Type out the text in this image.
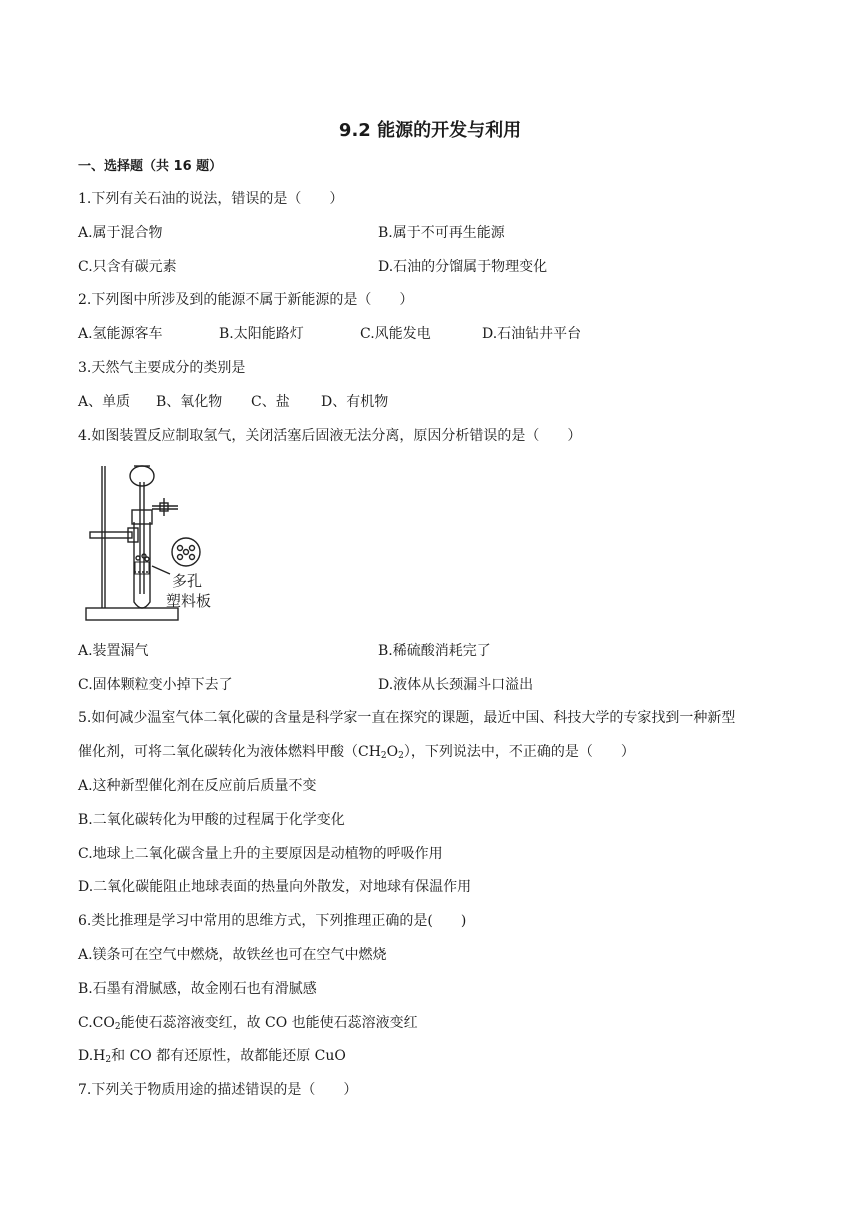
9.2 能源的开发与利用
一、选择题（共 16 题）
1.下列有关石油的说法，错误的是（　　）
A.属于混合物	B.属于不可再生能源
C.只含有碳元素	D.石油的分馏属于物理变化
2.下列图中所涉及到的能源不属于新能源的是（　　）
A.氢能源客车	B.太阳能路灯	C.风能发电	D.石油钻井平台
3.天然气主要成分的类别是
A、单质 B、氧化物 C、盐 D、有机物
4.如图装置反应制取氢气，关闭活塞后固液无法分离，原因分析错误的是（　　）
多孔
塑料板
A.装置漏气	B.稀硫酸消耗完了
C.固体颗粒变小掉下去了	D.液体从长颈漏斗口溢出
5.如何减少温室气体二氧化碳的含量是科学家一直在探究的课题，最近中国、科技大学的专家找到一种新型
催化剂，可将二氧化碳转化为液体燃料甲酸$(CH_2O_2)$，下列说法中，不正确的是（　　）
A.这种新型催化剂在反应前后质量不变
B.二氧化碳转化为甲酸的过程属于化学变化
C.地球上二氧化碳含量上升的主要原因是动植物的呼吸作用
D.二氧化碳能阻止地球表面的热量向外散发，对地球有保温作用
6.类比推理是学习中常用的思维方式，下列推理正确的是(　　)
A.镁条可在空气中燃烧，故铁丝也可在空气中燃烧
B.石墨有滑腻感，故金刚石也有滑腻感
$C.CO_2$能使石蕊溶液变红，故 CO 也能使石蕊溶液变红
$D.H_2$和 CO 都有还原性，故都能还原 CuO
7.下列关于物质用途的描述错误的是（　　）
